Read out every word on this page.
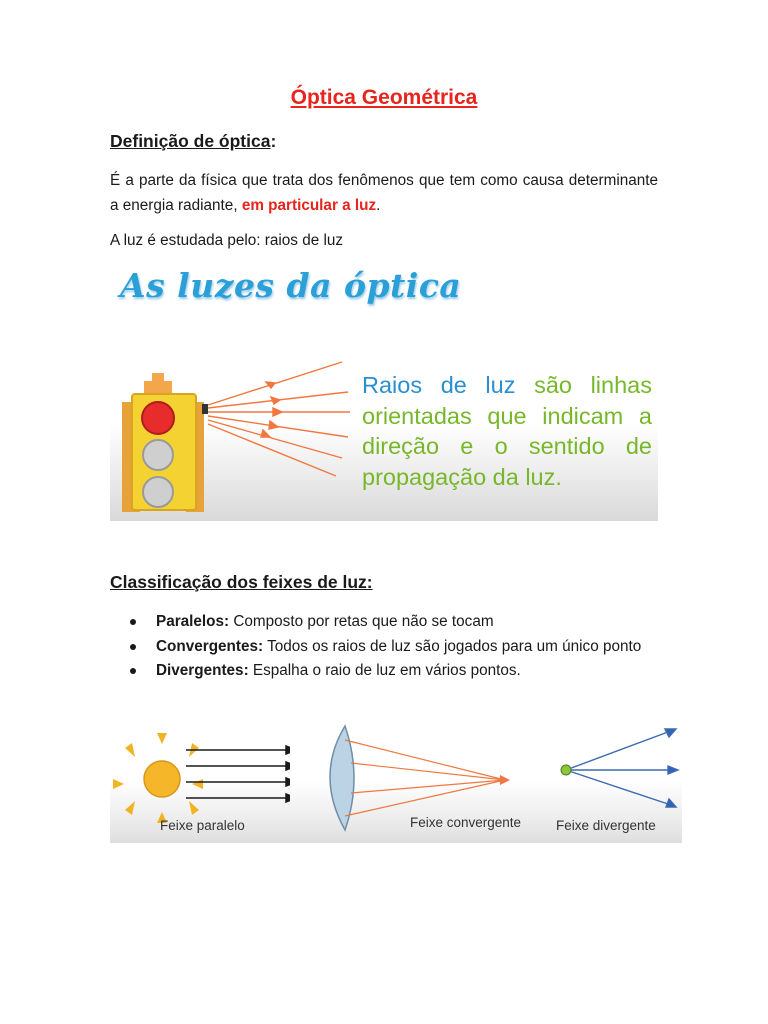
Óptica Geométrica
Definição de óptica:
É a parte da física que trata dos fenômenos que tem como causa determinante a energia radiante, em particular a luz.
A luz é estudada pelo: raios de luz
As luzes da óptica
Raios de luz são linhas orientadas que indicam a direção e o sentido de propagação da luz.
Classificação dos feixes de luz:
Paralelos: Composto por retas que não se tocam
Convergentes: Todos os raios de luz são jogados para um único ponto
Divergentes: Espalha o raio de luz em vários pontos.
Feixe paralelo	Feixe convergente	Feixe divergente
